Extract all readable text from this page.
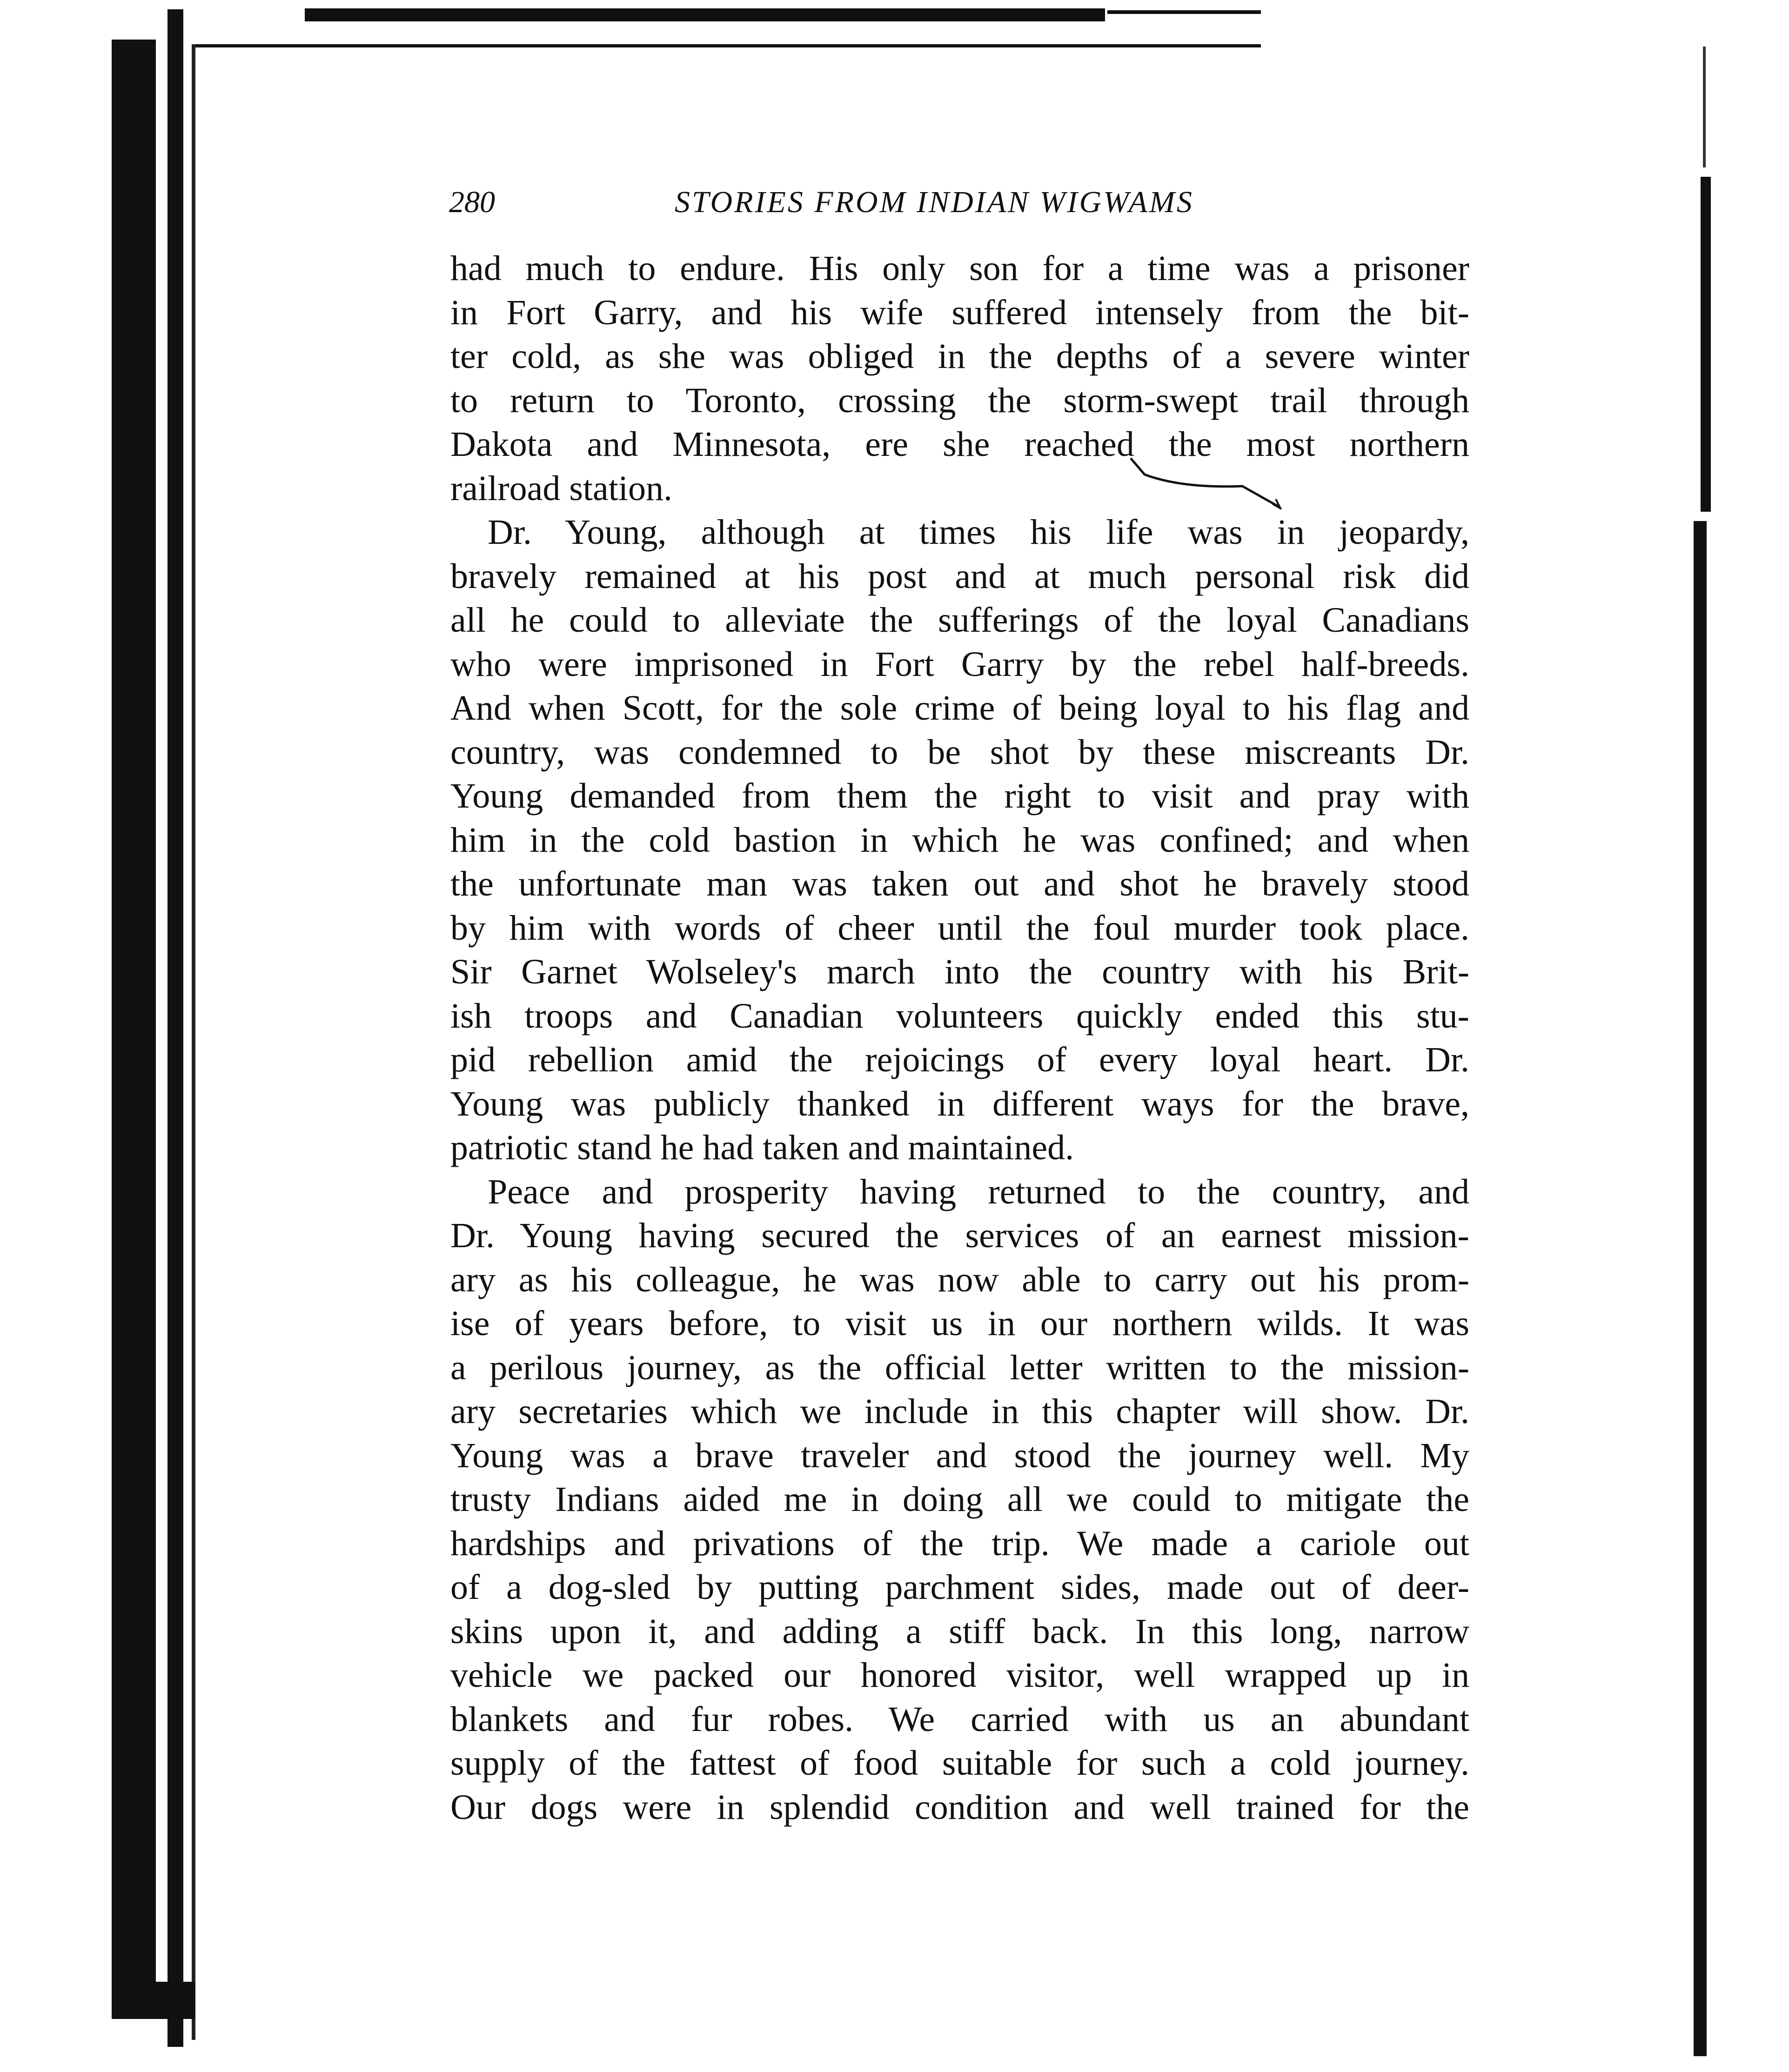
280	STORIES FROM INDIAN WIGWAMS
had much to endure. His only son for a time was a prisoner
in Fort Garry, and his wife suffered intensely from the bit-
ter cold, as she was obliged in the depths of a severe winter
to return to Toronto, crossing the storm-swept trail through
Dakota and Minnesota, ere she reached the most northern
railroad station.
Dr. Young, although at times his life was in jeopardy,
bravely remained at his post and at much personal risk did
all he could to alleviate the sufferings of the loyal Canadians
who were imprisoned in Fort Garry by the rebel half-breeds.
And when Scott, for the sole crime of being loyal to his flag and
country, was condemned to be shot by these miscreants Dr.
Young demanded from them the right to visit and pray with
him in the cold bastion in which he was confined; and when
the unfortunate man was taken out and shot he bravely stood
by him with words of cheer until the foul murder took place.
Sir Garnet Wolseley's march into the country with his Brit-
ish troops and Canadian volunteers quickly ended this stu-
pid rebellion amid the rejoicings of every loyal heart. Dr.
Young was publicly thanked in different ways for the brave,
patriotic stand he had taken and maintained.
Peace and prosperity having returned to the country, and
Dr. Young having secured the services of an earnest mission-
ary as his colleague, he was now able to carry out his prom-
ise of years before, to visit us in our northern wilds. It was
a perilous journey, as the official letter written to the mission-
ary secretaries which we include in this chapter will show. Dr.
Young was a brave traveler and stood the journey well. My
trusty Indians aided me in doing all we could to mitigate the
hardships and privations of the trip. We made a cariole out
of a dog-sled by putting parchment sides, made out of deer-
skins upon it, and adding a stiff back. In this long, narrow
vehicle we packed our honored visitor, well wrapped up in
blankets and fur robes. We carried with us an abundant
supply of the fattest of food suitable for such a cold journey.
Our dogs were in splendid condition and well trained for the
